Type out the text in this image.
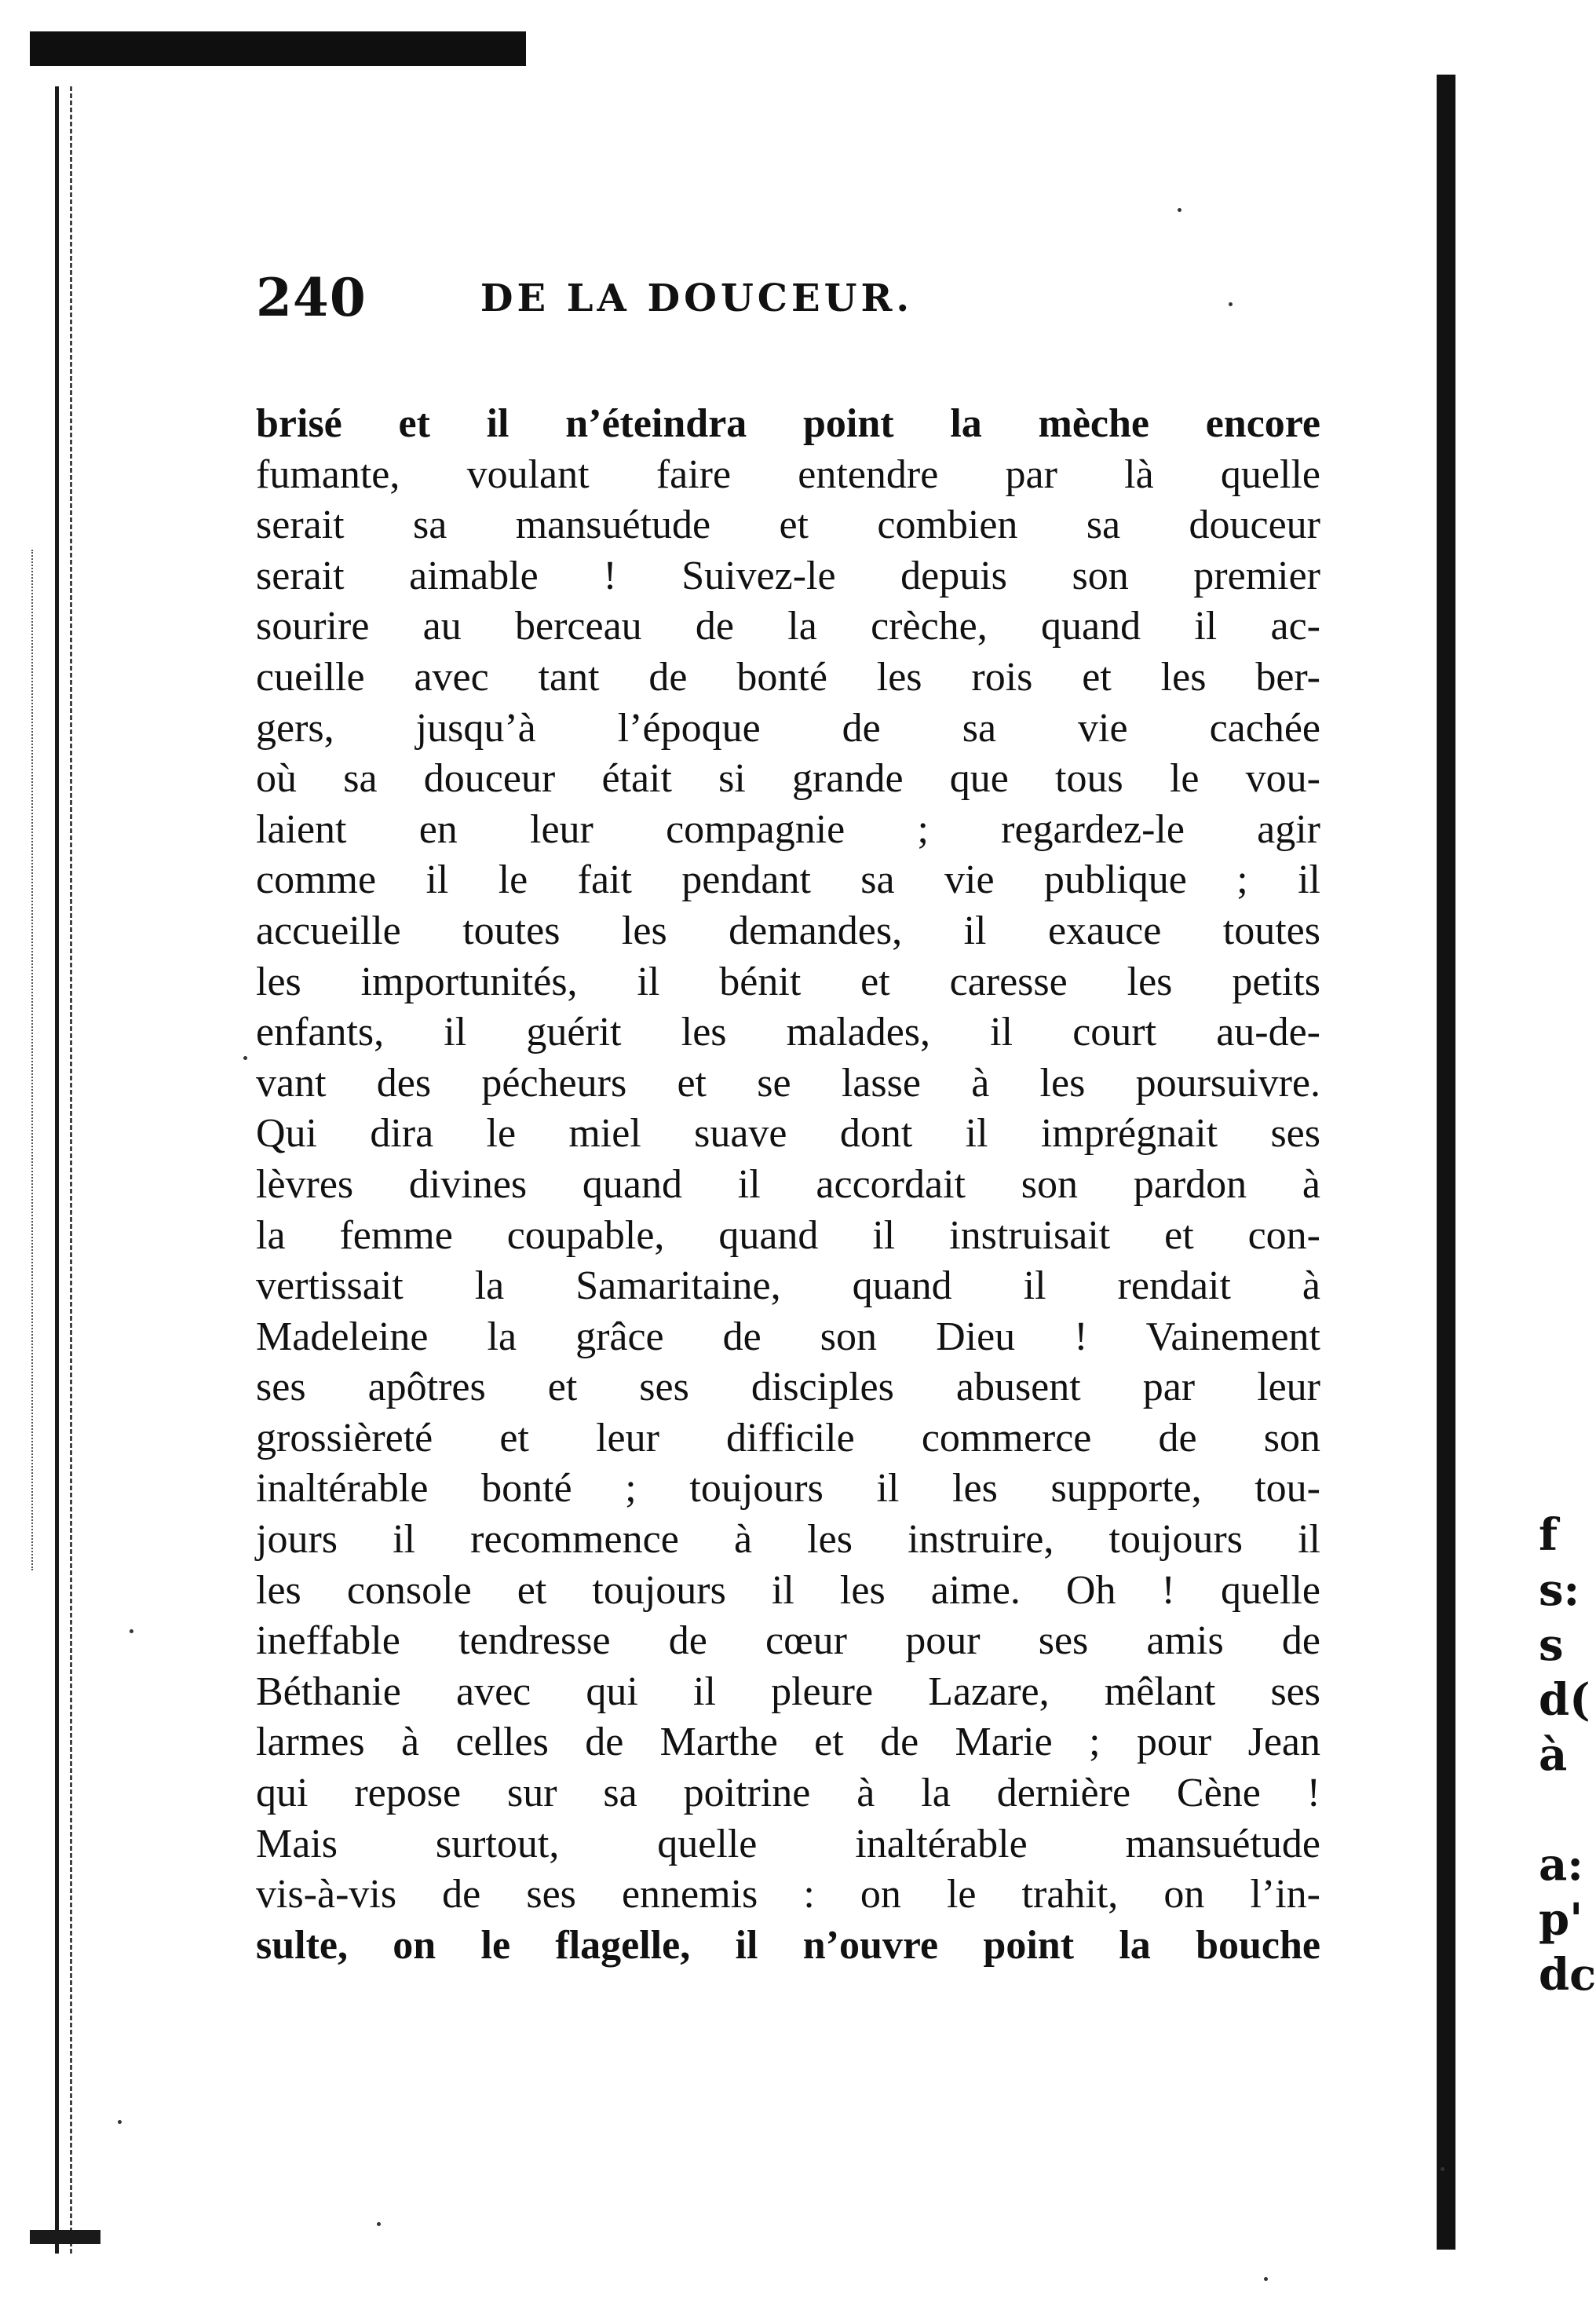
240	DE LA DOUCEUR.
brisé et il n’éteindra point la mèche encore
fumante, voulant faire entendre par là quelle
serait sa mansuétude et combien sa douceur
serait aimable ! Suivez-le depuis son premier
sourire au berceau de la crèche, quand il ac-
cueille avec tant de bonté les rois et les ber-
gers, jusqu’à l’époque de sa vie cachée
où sa douceur était si grande que tous le vou-
laient en leur compagnie ; regardez-le agir
comme il le fait pendant sa vie publique ; il
accueille toutes les demandes, il exauce toutes
les importunités, il bénit et caresse les petits
enfants, il guérit les malades, il court au-de-
vant des pécheurs et se lasse à les poursuivre.
Qui dira le miel suave dont il imprégnait ses
lèvres divines quand il accordait son pardon à
la femme coupable, quand il instruisait et con-
vertissait la Samaritaine, quand il rendait à
Madeleine la grâce de son Dieu ! Vainement
ses apôtres et ses disciples abusent par leur
grossièreté et leur difficile commerce de son
inaltérable bonté ; toujours il les supporte, tou-
jours il recommence à les instruire, toujours il
les console et toujours il les aime. Oh ! quelle
ineffable tendresse de cœur pour ses amis de
Béthanie avec qui il pleure Lazare, mêlant ses
larmes à celles de Marthe et de Marie ; pour Jean
qui repose sur sa poitrine à la dernière Cène !
Mais surtout, quelle inaltérable mansuétude
vis-à-vis de ses ennemis : on le trahit, on l’in-
sulte, on le flagelle, il n’ouvre point la bouche
f
s:
s
d(
à
a:
p'
dc
